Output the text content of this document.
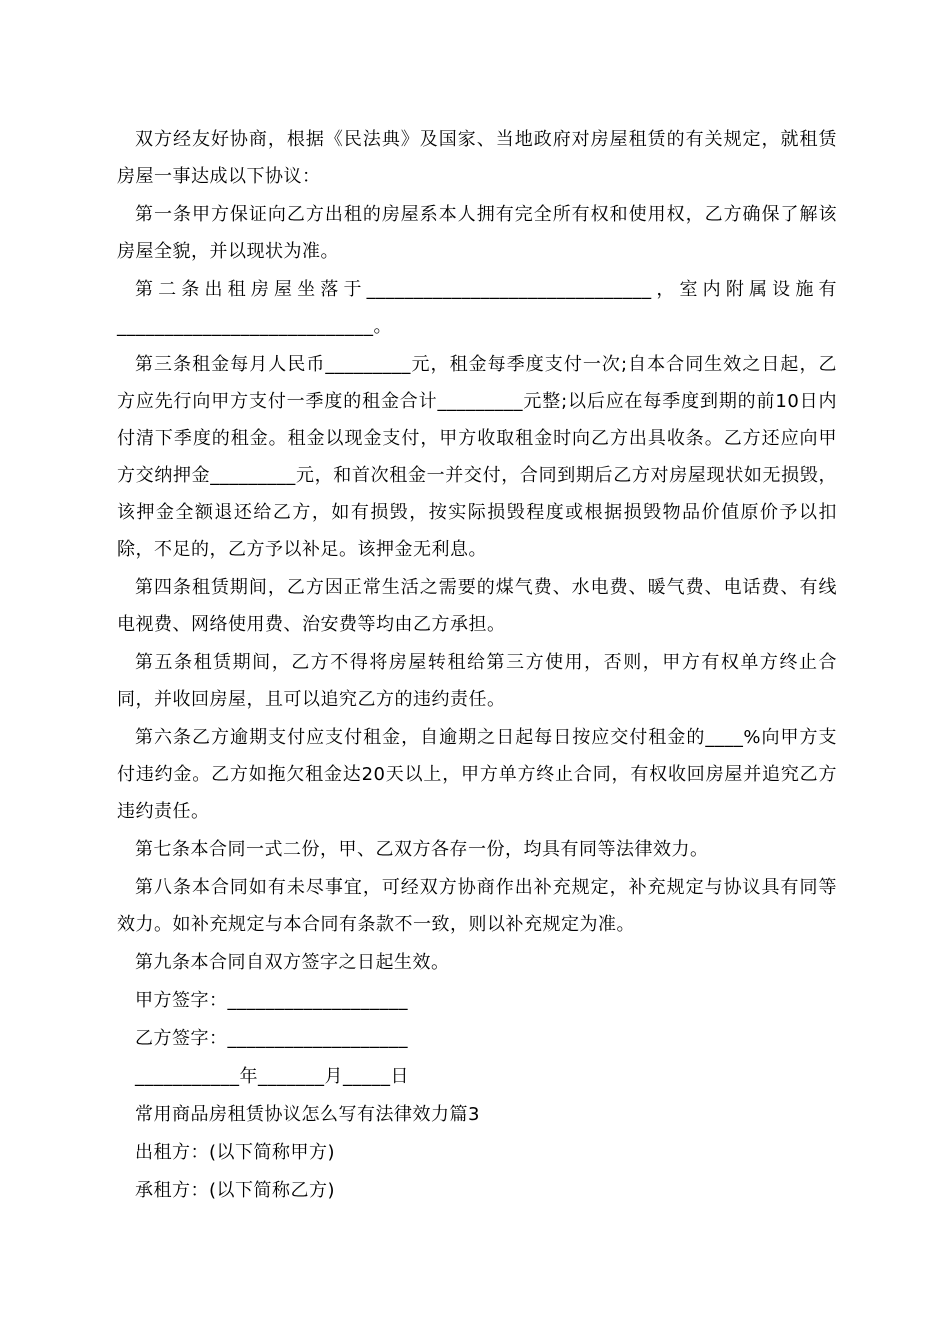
双方经友好协商，根据《民法典》及国家、当地政府对房屋租赁的有关规定，就租赁房屋一事达成以下协议：

第一条甲方保证向乙方出租的房屋系本人拥有完全所有权和使用权，乙方确保了解该房屋全貌，并以现状为准。

第二条出租房屋坐落于______________________________，室内附属设施有___________________________。

第三条租金每月人民币_________元，租金每季度支付一次;自本合同生效之日起，乙方应先行向甲方支付一季度的租金合计_________元整;以后应在每季度到期的前10日内付清下季度的租金。租金以现金支付，甲方收取租金时向乙方出具收条。乙方还应向甲方交纳押金_________元，和首次租金一并交付，合同到期后乙方对房屋现状如无损毁，该押金全额退还给乙方，如有损毁，按实际损毁程度或根据损毁物品价值原价予以扣除，不足的，乙方予以补足。该押金无利息。

第四条租赁期间，乙方因正常生活之需要的煤气费、水电费、暖气费、电话费、有线电视费、网络使用费、治安费等均由乙方承担。

第五条租赁期间，乙方不得将房屋转租给第三方使用，否则，甲方有权单方终止合同，并收回房屋，且可以追究乙方的违约责任。

第六条乙方逾期支付应支付租金，自逾期之日起每日按应交付租金的____%向甲方支付违约金。乙方如拖欠租金达20天以上，甲方单方终止合同，有权收回房屋并追究乙方违约责任。

第七条本合同一式二份，甲、乙双方各存一份，均具有同等法律效力。

第八条本合同如有未尽事宜，可经双方协商作出补充规定，补充规定与协议具有同等效力。如补充规定与本合同有条款不一致，则以补充规定为准。

第九条本合同自双方签字之日起生效。

甲方签字：___________________

乙方签字：___________________

___________年_______月_____日

常用商品房租赁协议怎么写有法律效力篇3

出租方：(以下简称甲方)

承租方：(以下简称乙方)
